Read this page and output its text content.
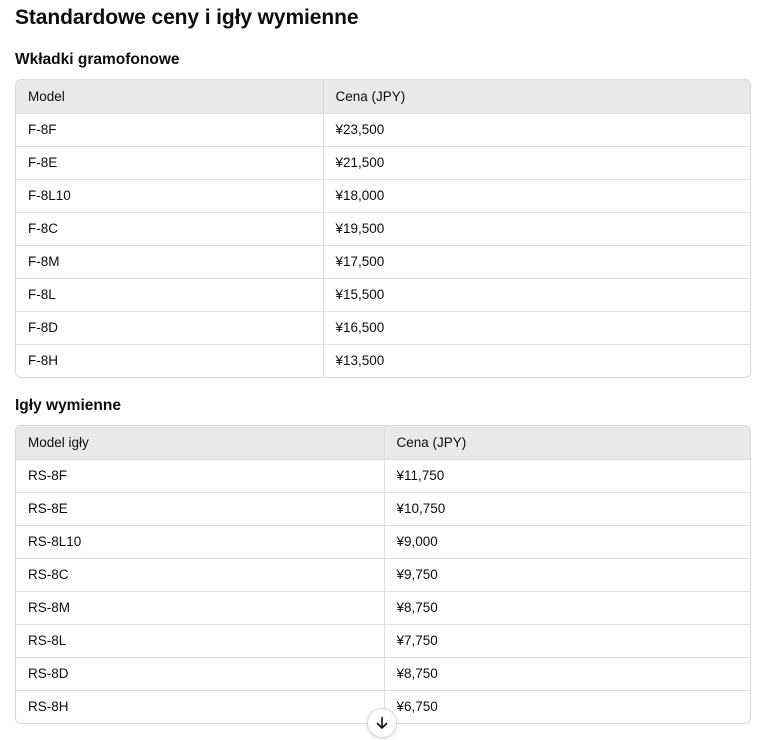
Standardowe ceny i igły wymienne
Wkładki gramofonowe
Model	Cena (JPY)
F-8F	¥23,500
F-8E	¥21,500
F-8L10	¥18,000
F-8C	¥19,500
F-8M	¥17,500
F-8L	¥15,500
F-8D	¥16,500
F-8H	¥13,500
Igły wymienne
Model igły	Cena (JPY)
RS-8F	¥11,750
RS-8E	¥10,750
RS-8L10	¥9,000
RS-8C	¥9,750
RS-8M	¥8,750
RS-8L	¥7,750
RS-8D	¥8,750
RS-8H	¥6,750
